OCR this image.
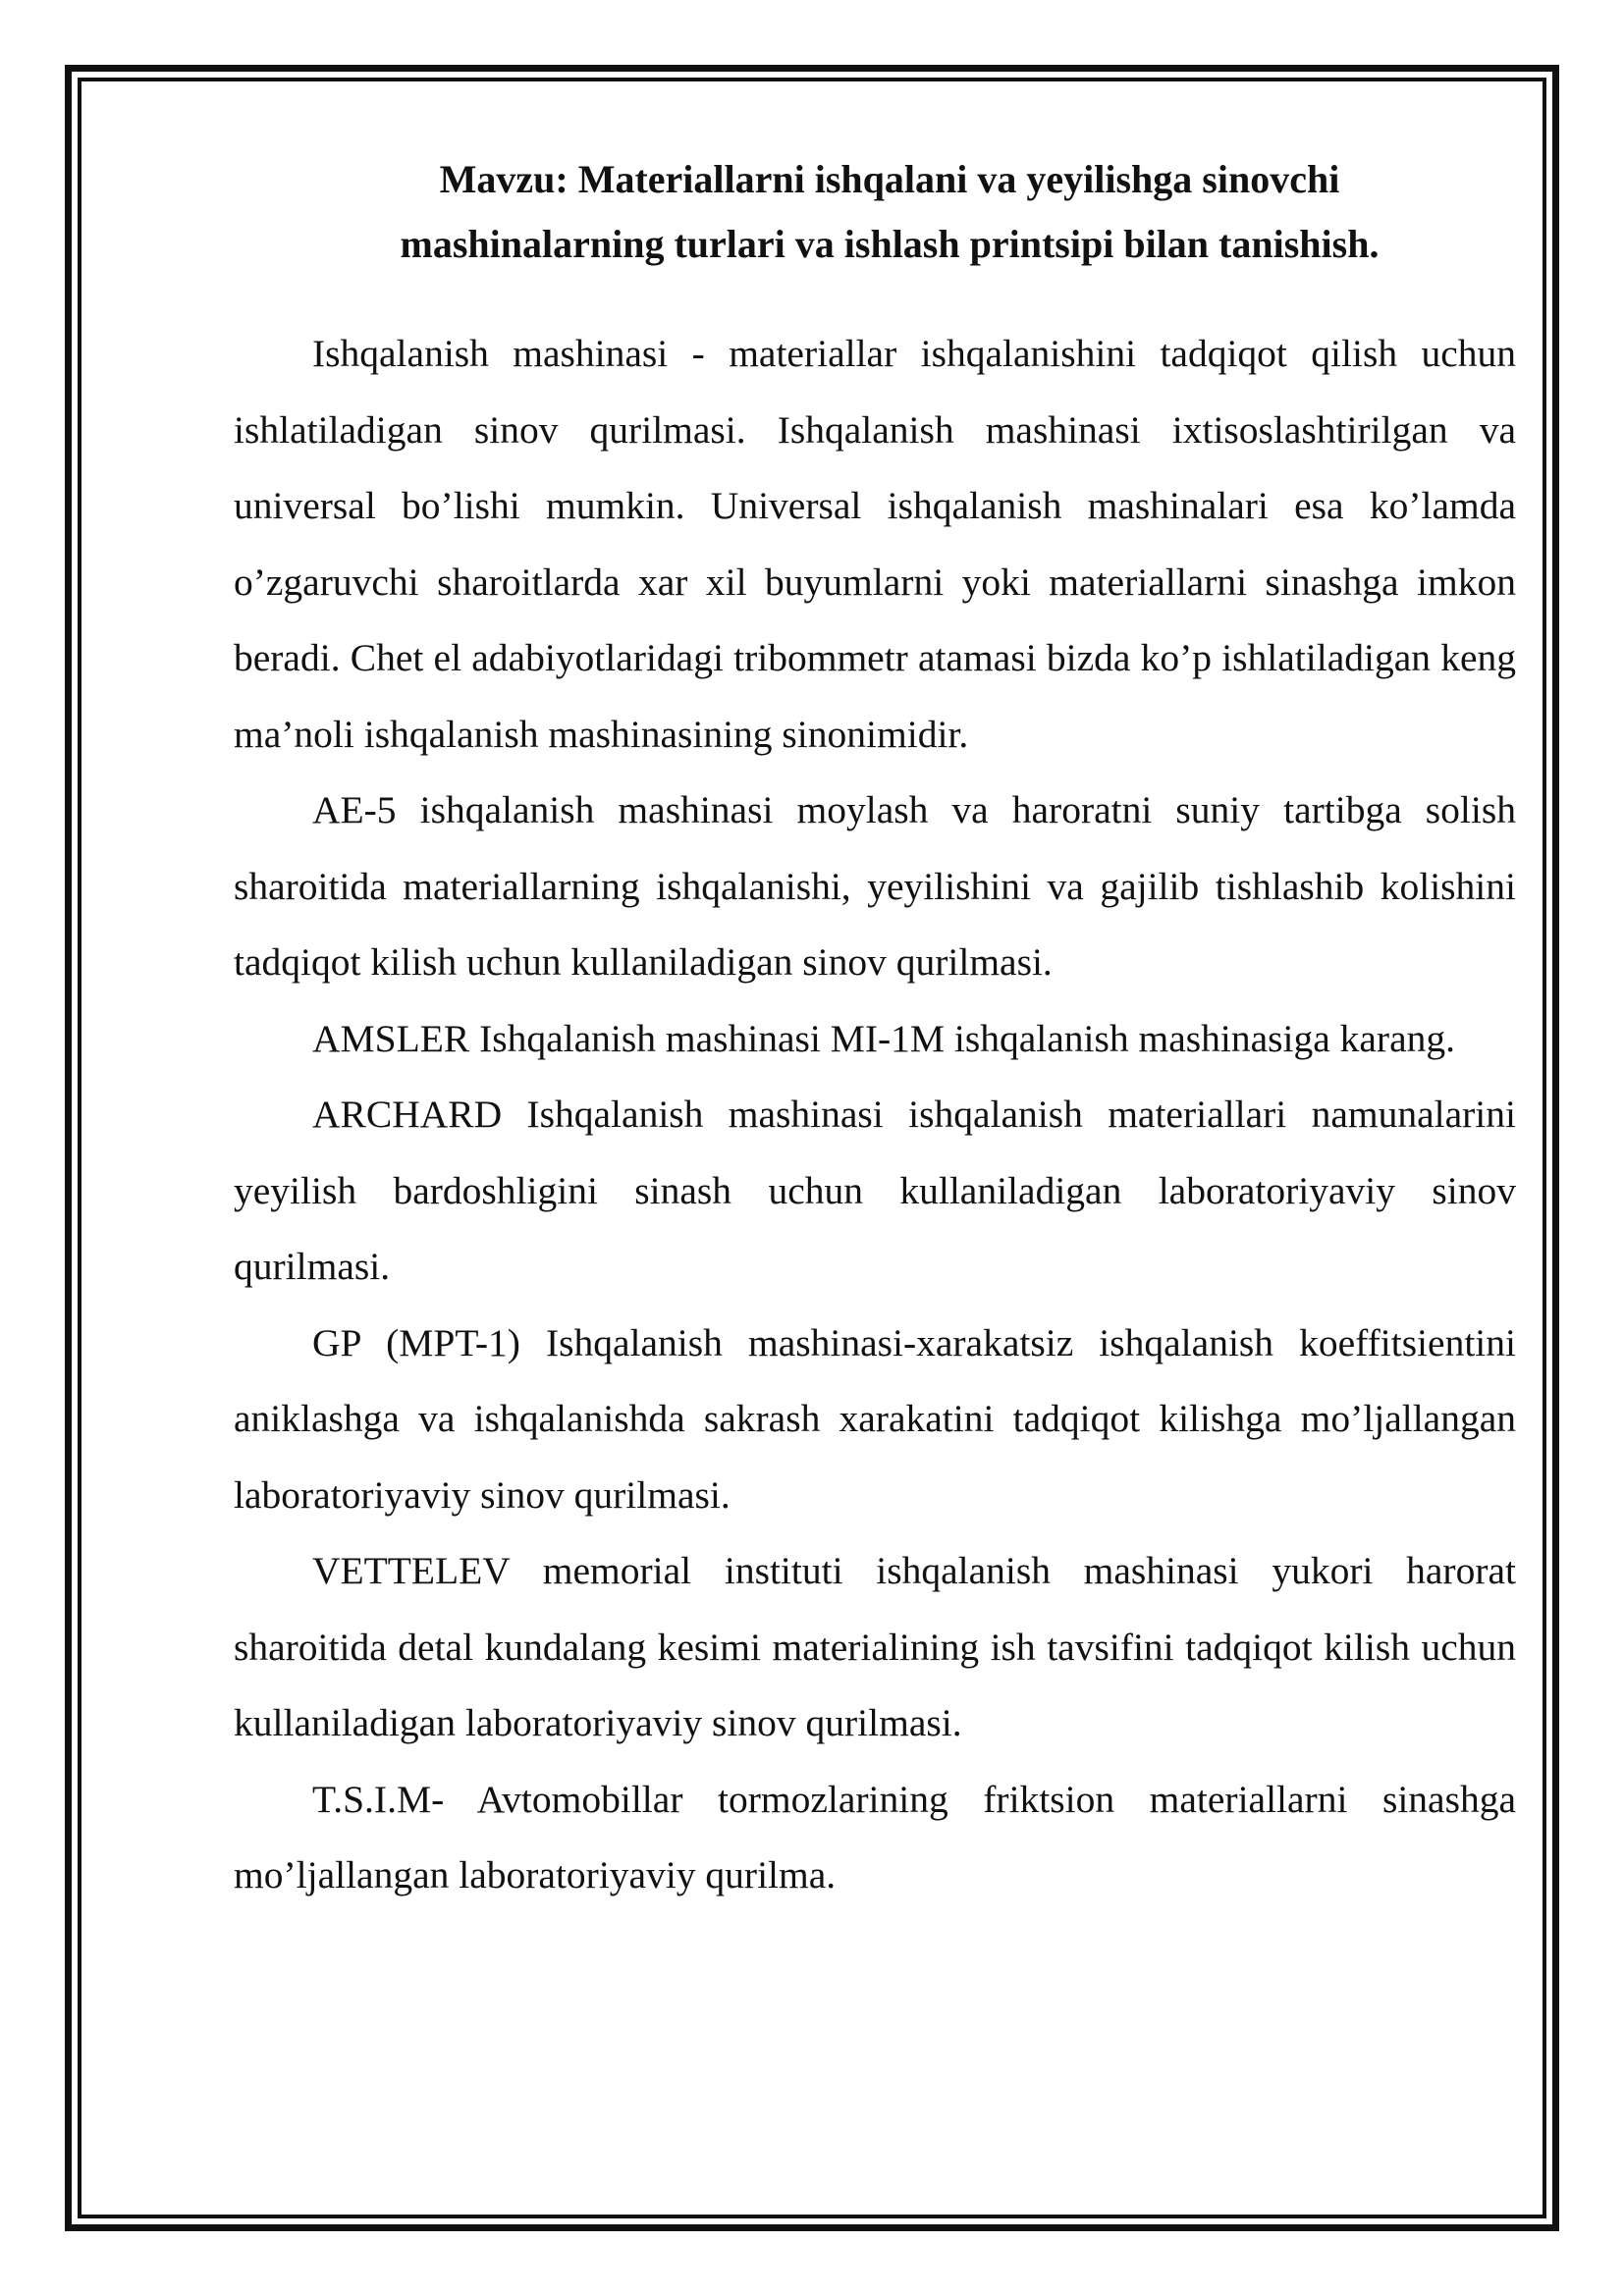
Mavzu: Materiallarni ishqalani va yeyilishga sinovchi
mashinalarning turlari va ishlash printsipi bilan tanishish.

Ishqalanish mashinasi - materiallar ishqalanishini tadqiqot qilish uchun ishlatiladigan sinov qurilmasi. Ishqalanish mashinasi ixtisoslashtirilgan va universal bo’lishi mumkin. Universal ishqalanish mashinalari esa ko’lamda o’zgaruvchi sharoitlarda xar xil buyumlarni yoki materiallarni sinashga imkon beradi. Chet el adabiyotlaridagi tribommetr atamasi bizda ko’p ishlatiladigan keng ma’noli ishqalanish mashinasining sinonimidir.

AE-5 ishqalanish mashinasi moylash va haroratni suniy tartibga solish sharoitida materiallarning ishqalanishi, yeyilishini va gajilib tishlashib kolishini tadqiqot kilish uchun kullaniladigan sinov qurilmasi.

AMSLER Ishqalanish mashinasi MI-1M ishqalanish mashinasiga karang.

ARCHARD Ishqalanish mashinasi ishqalanish materiallari namunalarini yeyilish bardoshligini sinash uchun kullaniladigan laboratoriyaviy sinov qurilmasi.

GP (MPT-1) Ishqalanish mashinasi-xarakatsiz ishqalanish koeffitsientini aniklashga va ishqalanishda sakrash xarakatini tadqiqot kilishga mo’ljallangan laboratoriyaviy sinov qurilmasi.

VETTELEV memorial instituti ishqalanish mashinasi yukori harorat sharoitida detal kundalang kesimi materialining ish tavsifini tadqiqot kilish uchun kullaniladigan laboratoriyaviy sinov qurilmasi.

T.S.I.M- Avtomobillar tormozlarining friktsion materiallarni sinashga mo’ljallangan laboratoriyaviy qurilma.
